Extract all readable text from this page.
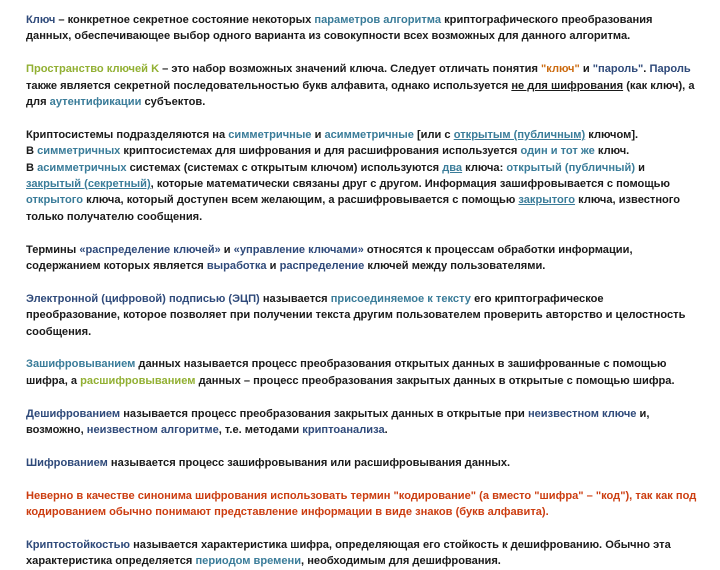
Ключ – конкретное секретное состояние некоторых параметров алгоритма криптографического преобразования данных, обеспечивающее выбор одного варианта из совокупности всех возможных для данного алгоритма.

Пространство ключей K – это набор возможных значений ключа. Следует отличать понятия "ключ" и "пароль". Пароль также является секретной последовательностью букв алфавита, однако используется не для шифрования (как ключ), а для аутентификации субъектов.

Криптосистемы подразделяются на симметричные и асимметричные [или с открытым (публичным) ключом].
В симметричных криптосистемах для шифрования и для расшифрования используется один и тот же ключ.
В асимметричных системах (системах с открытым ключом) используются два ключа: открытый (публичный) и закрытый (секретный), которые математически связаны друг с другом. Информация зашифровывается с помощью открытого ключа, который доступен всем желающим, а расшифровывается с помощью закрытого ключа, известного только получателю сообщения.

Термины «распределение ключей» и «управление ключами» относятся к процессам обработки информации, содержанием которых является выработка и распределение ключей между пользователями.

Электронной (цифровой) подписью (ЭЦП) называется присоединяемое к тексту его криптографическое преобразование, которое позволяет при получении текста другим пользователем проверить авторство и целостность сообщения.

Зашифровыванием данных называется процесс преобразования открытых данных в зашифрованные с помощью шифра, а расшифровыванием данных – процесс преобразования закрытых данных в открытые с помощью шифра.

Дешифрованием называется процесс преобразования закрытых данных в открытые при неизвестном ключе и, возможно, неизвестном алгоритме, т.е. методами криптоанализа.

Шифрованием называется процесс зашифровывания или расшифровывания данных.

Неверно в качестве синонима шифрования использовать термин "кодирование" (а вместо "шифра" – "код"), так как под кодированием обычно понимают представление информации в виде знаков (букв алфавита).

Криптостойкостью называется характеристика шифра, определяющая его стойкость к дешифрованию. Обычно эта характеристика определяется периодом времени, необходимым для дешифрования.
